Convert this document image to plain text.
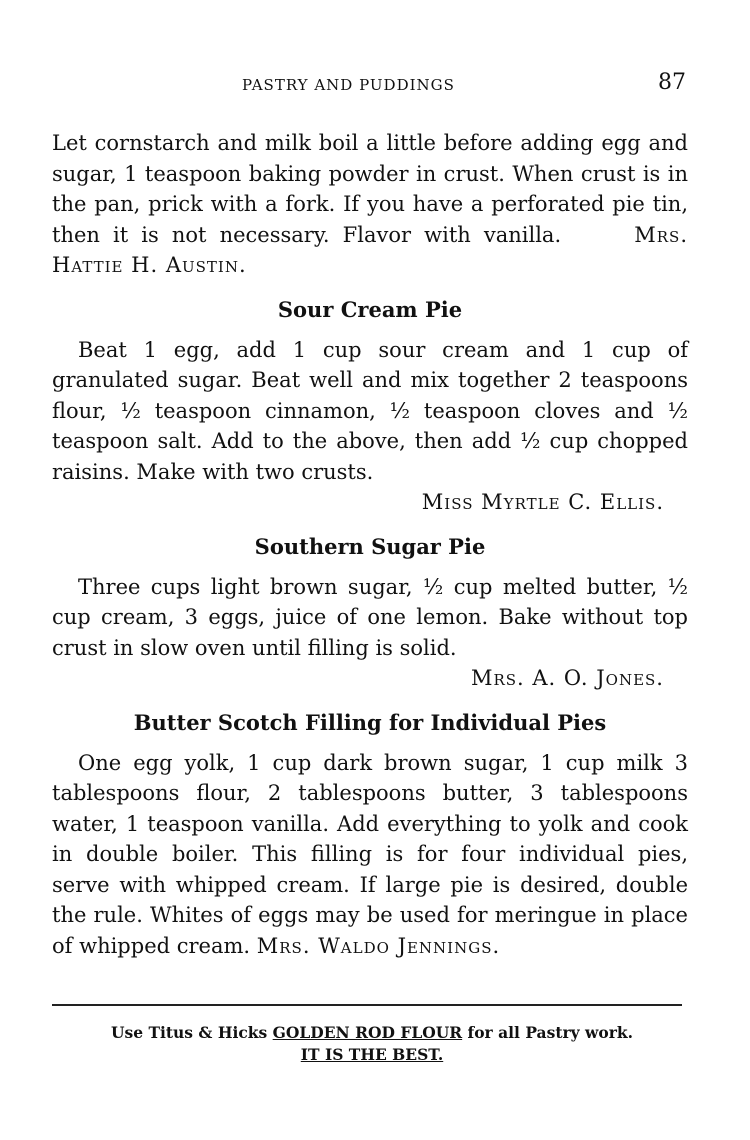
PASTRY AND PUDDINGS	87

Let cornstarch and milk boil a little before adding egg and sugar, 1 teaspoon baking powder in crust. When crust is in the pan, prick with a fork. If you have a perforated pie tin, then it is not necessary. Flavor with vanilla.	Mrs. Hattie H. Austin.

Sour Cream Pie

Beat 1 egg, add 1 cup sour cream and 1 cup of granulated sugar. Beat well and mix together 2 teaspoons flour, ½ teaspoon cinnamon, ½ teaspoon cloves and ½ teaspoon salt. Add to the above, then add ½ cup chopped raisins. Make with two crusts.

Miss Myrtle C. Ellis.
Southern Sugar Pie

Three cups light brown sugar, ½ cup melted butter, ½ cup cream, 3 eggs, juice of one lemon. Bake without top crust in slow oven until filling is solid.

Mrs. A. O. Jones.
Butter Scotch Filling for Individual Pies

One egg yolk, 1 cup dark brown sugar, 1 cup milk 3 tablespoons flour, 2 tablespoons butter, 3 tablespoons water, 1 teaspoon vanilla. Add everything to yolk and cook in double boiler. This filling is for four individual pies, serve with whipped cream. If large pie is desired, double the rule. Whites of eggs may be used for meringue in place of whipped cream. Mrs. Waldo Jennings.

Use Titus & Hicks GOLDEN ROD FLOUR for all Pastry work.
IT IS THE BEST.
